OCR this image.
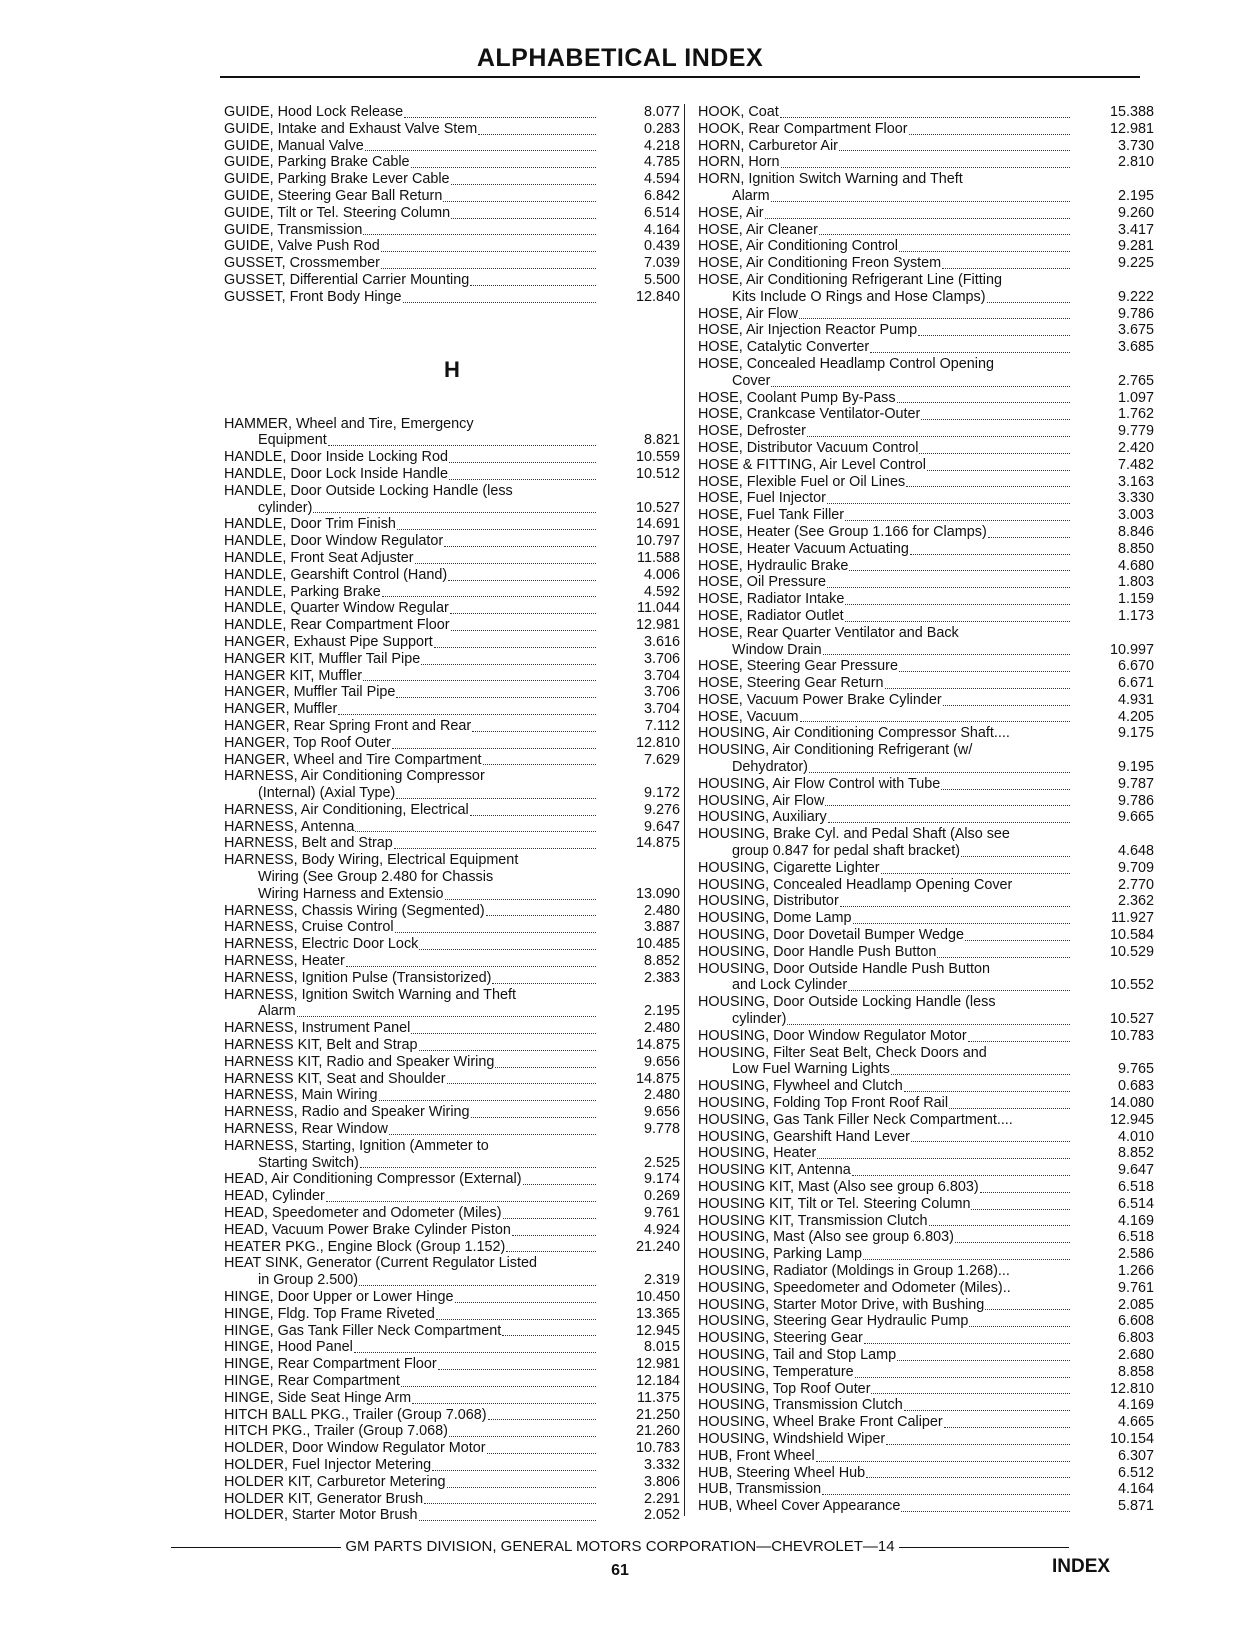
ALPHABETICAL INDEX
GUIDE, Hood Lock Release	8.077
GUIDE, Intake and Exhaust Valve Stem	0.283
GUIDE, Manual Valve	4.218
GUIDE, Parking Brake Cable	4.785
GUIDE, Parking Brake Lever Cable	4.594
GUIDE, Steering Gear Ball Return	6.842
GUIDE, Tilt or Tel. Steering Column	6.514
GUIDE, Transmission	4.164
GUIDE, Valve Push Rod	0.439
GUSSET, Crossmember	7.039
GUSSET, Differential Carrier Mounting	5.500
GUSSET, Front Body Hinge	12.840
H
HAMMER, Wheel and Tire, Emergency
Equipment	8.821
HANDLE, Door Inside Locking Rod	10.559
HANDLE, Door Lock Inside Handle	10.512
HANDLE, Door Outside Locking Handle (less
cylinder)	10.527
HANDLE, Door Trim Finish	14.691
HANDLE, Door Window Regulator	10.797
HANDLE, Front Seat Adjuster	11.588
HANDLE, Gearshift Control (Hand)	4.006
HANDLE, Parking Brake	4.592
HANDLE, Quarter Window Regular	11.044
HANDLE, Rear Compartment Floor	12.981
HANGER, Exhaust Pipe Support	3.616
HANGER KIT, Muffler Tail Pipe	3.706
HANGER KIT, Muffler	3.704
HANGER, Muffler Tail Pipe	3.706
HANGER, Muffler	3.704
HANGER, Rear Spring Front and Rear	7.112
HANGER, Top Roof Outer	12.810
HANGER, Wheel and Tire Compartment	7.629
HARNESS, Air Conditioning Compressor
(Internal) (Axial Type)	9.172
HARNESS, Air Conditioning, Electrical	9.276
HARNESS, Antenna	9.647
HARNESS, Belt and Strap	14.875
HARNESS, Body Wiring, Electrical Equipment
Wiring (See Group 2.480 for Chassis
Wiring Harness and Extensio	13.090
HARNESS, Chassis Wiring (Segmented)	2.480
HARNESS, Cruise Control	3.887
HARNESS, Electric Door Lock	10.485
HARNESS, Heater	8.852
HARNESS, Ignition Pulse (Transistorized)	2.383
HARNESS, Ignition Switch Warning and Theft
Alarm	2.195
HARNESS, Instrument Panel	2.480
HARNESS KIT, Belt and Strap	14.875
HARNESS KIT, Radio and Speaker Wiring	9.656
HARNESS KIT, Seat and Shoulder	14.875
HARNESS, Main Wiring	2.480
HARNESS, Radio and Speaker Wiring	9.656
HARNESS, Rear Window	9.778
HARNESS, Starting, Ignition (Ammeter to
Starting Switch)	2.525
HEAD, Air Conditioning Compressor (External)	9.174
HEAD, Cylinder	0.269
HEAD, Speedometer and Odometer (Miles)	9.761
HEAD, Vacuum Power Brake Cylinder Piston	4.924
HEATER PKG., Engine Block (Group 1.152)	21.240
HEAT SINK, Generator (Current Regulator Listed
in Group 2.500)	2.319
HINGE, Door Upper or Lower Hinge	10.450
HINGE, Fldg. Top Frame Riveted	13.365
HINGE, Gas Tank Filler Neck Compartment	12.945
HINGE, Hood Panel	8.015
HINGE, Rear Compartment Floor	12.981
HINGE, Rear Compartment	12.184
HINGE, Side Seat Hinge Arm	11.375
HITCH BALL PKG., Trailer (Group 7.068)	21.250
HITCH PKG., Trailer (Group 7.068)	21.260
HOLDER, Door Window Regulator Motor	10.783
HOLDER, Fuel Injector Metering	3.332
HOLDER KIT, Carburetor Metering	3.806
HOLDER KIT, Generator Brush	2.291
HOLDER, Starter Motor Brush	2.052
HOOK, Coat	15.388
HOOK, Rear Compartment Floor	12.981
HORN, Carburetor Air	3.730
HORN, Horn	2.810
HORN, Ignition Switch Warning and Theft
Alarm	2.195
HOSE, Air	9.260
HOSE, Air Cleaner	3.417
HOSE, Air Conditioning Control	9.281
HOSE, Air Conditioning Freon System	9.225
HOSE, Air Conditioning Refrigerant Line (Fitting
Kits Include O Rings and Hose Clamps)	9.222
HOSE, Air Flow	9.786
HOSE, Air Injection Reactor Pump	3.675
HOSE, Catalytic Converter	3.685
HOSE, Concealed Headlamp Control Opening
Cover	2.765
HOSE, Coolant Pump By-Pass	1.097
HOSE, Crankcase Ventilator-Outer	1.762
HOSE, Defroster	9.779
HOSE, Distributor Vacuum Control	2.420
HOSE & FITTING, Air Level Control	7.482
HOSE, Flexible Fuel or Oil Lines	3.163
HOSE, Fuel Injector	3.330
HOSE, Fuel Tank Filler	3.003
HOSE, Heater (See Group 1.166 for Clamps)	8.846
HOSE, Heater Vacuum Actuating	8.850
HOSE, Hydraulic Brake	4.680
HOSE, Oil Pressure	1.803
HOSE, Radiator Intake	1.159
HOSE, Radiator Outlet	1.173
HOSE, Rear Quarter Ventilator and Back
Window Drain	10.997
HOSE, Steering Gear Pressure	6.670
HOSE, Steering Gear Return	6.671
HOSE, Vacuum Power Brake Cylinder	4.931
HOSE, Vacuum	4.205
HOUSING, Air Conditioning Compressor Shaft....	9.175
HOUSING, Air Conditioning Refrigerant (w/
Dehydrator)	9.195
HOUSING, Air Flow Control with Tube	9.787
HOUSING, Air Flow	9.786
HOUSING, Auxiliary	9.665
HOUSING, Brake Cyl. and Pedal Shaft (Also see
group 0.847 for pedal shaft bracket)	4.648
HOUSING, Cigarette Lighter	9.709
HOUSING, Concealed Headlamp Opening Cover	2.770
HOUSING, Distributor	2.362
HOUSING, Dome Lamp	11.927
HOUSING, Door Dovetail Bumper Wedge	10.584
HOUSING, Door Handle Push Button	10.529
HOUSING, Door Outside Handle Push Button
and Lock Cylinder	10.552
HOUSING, Door Outside Locking Handle (less
cylinder)	10.527
HOUSING, Door Window Regulator Motor	10.783
HOUSING, Filter Seat Belt, Check Doors and
Low Fuel Warning Lights	9.765
HOUSING, Flywheel and Clutch	0.683
HOUSING, Folding Top Front Roof Rail	14.080
HOUSING, Gas Tank Filler Neck Compartment....	12.945
HOUSING, Gearshift Hand Lever	4.010
HOUSING, Heater	8.852
HOUSING KIT, Antenna	9.647
HOUSING KIT, Mast (Also see group 6.803)	6.518
HOUSING KIT, Tilt or Tel. Steering Column	6.514
HOUSING KIT, Transmission Clutch	4.169
HOUSING, Mast (Also see group 6.803)	6.518
HOUSING, Parking Lamp	2.586
HOUSING, Radiator (Moldings in Group 1.268)...	1.266
HOUSING, Speedometer and Odometer (Miles)..	9.761
HOUSING, Starter Motor Drive, with Bushing	2.085
HOUSING, Steering Gear Hydraulic Pump	6.608
HOUSING, Steering Gear	6.803
HOUSING, Tail and Stop Lamp	2.680
HOUSING, Temperature	8.858
HOUSING, Top Roof Outer	12.810
HOUSING, Transmission Clutch	4.169
HOUSING, Wheel Brake Front Caliper	4.665
HOUSING, Windshield Wiper	10.154
HUB, Front Wheel	6.307
HUB, Steering Wheel Hub	6.512
HUB, Transmission	4.164
HUB, Wheel Cover Appearance	5.871
GM PARTS DIVISION, GENERAL MOTORS CORPORATION—CHEVROLET—14
61	INDEX
